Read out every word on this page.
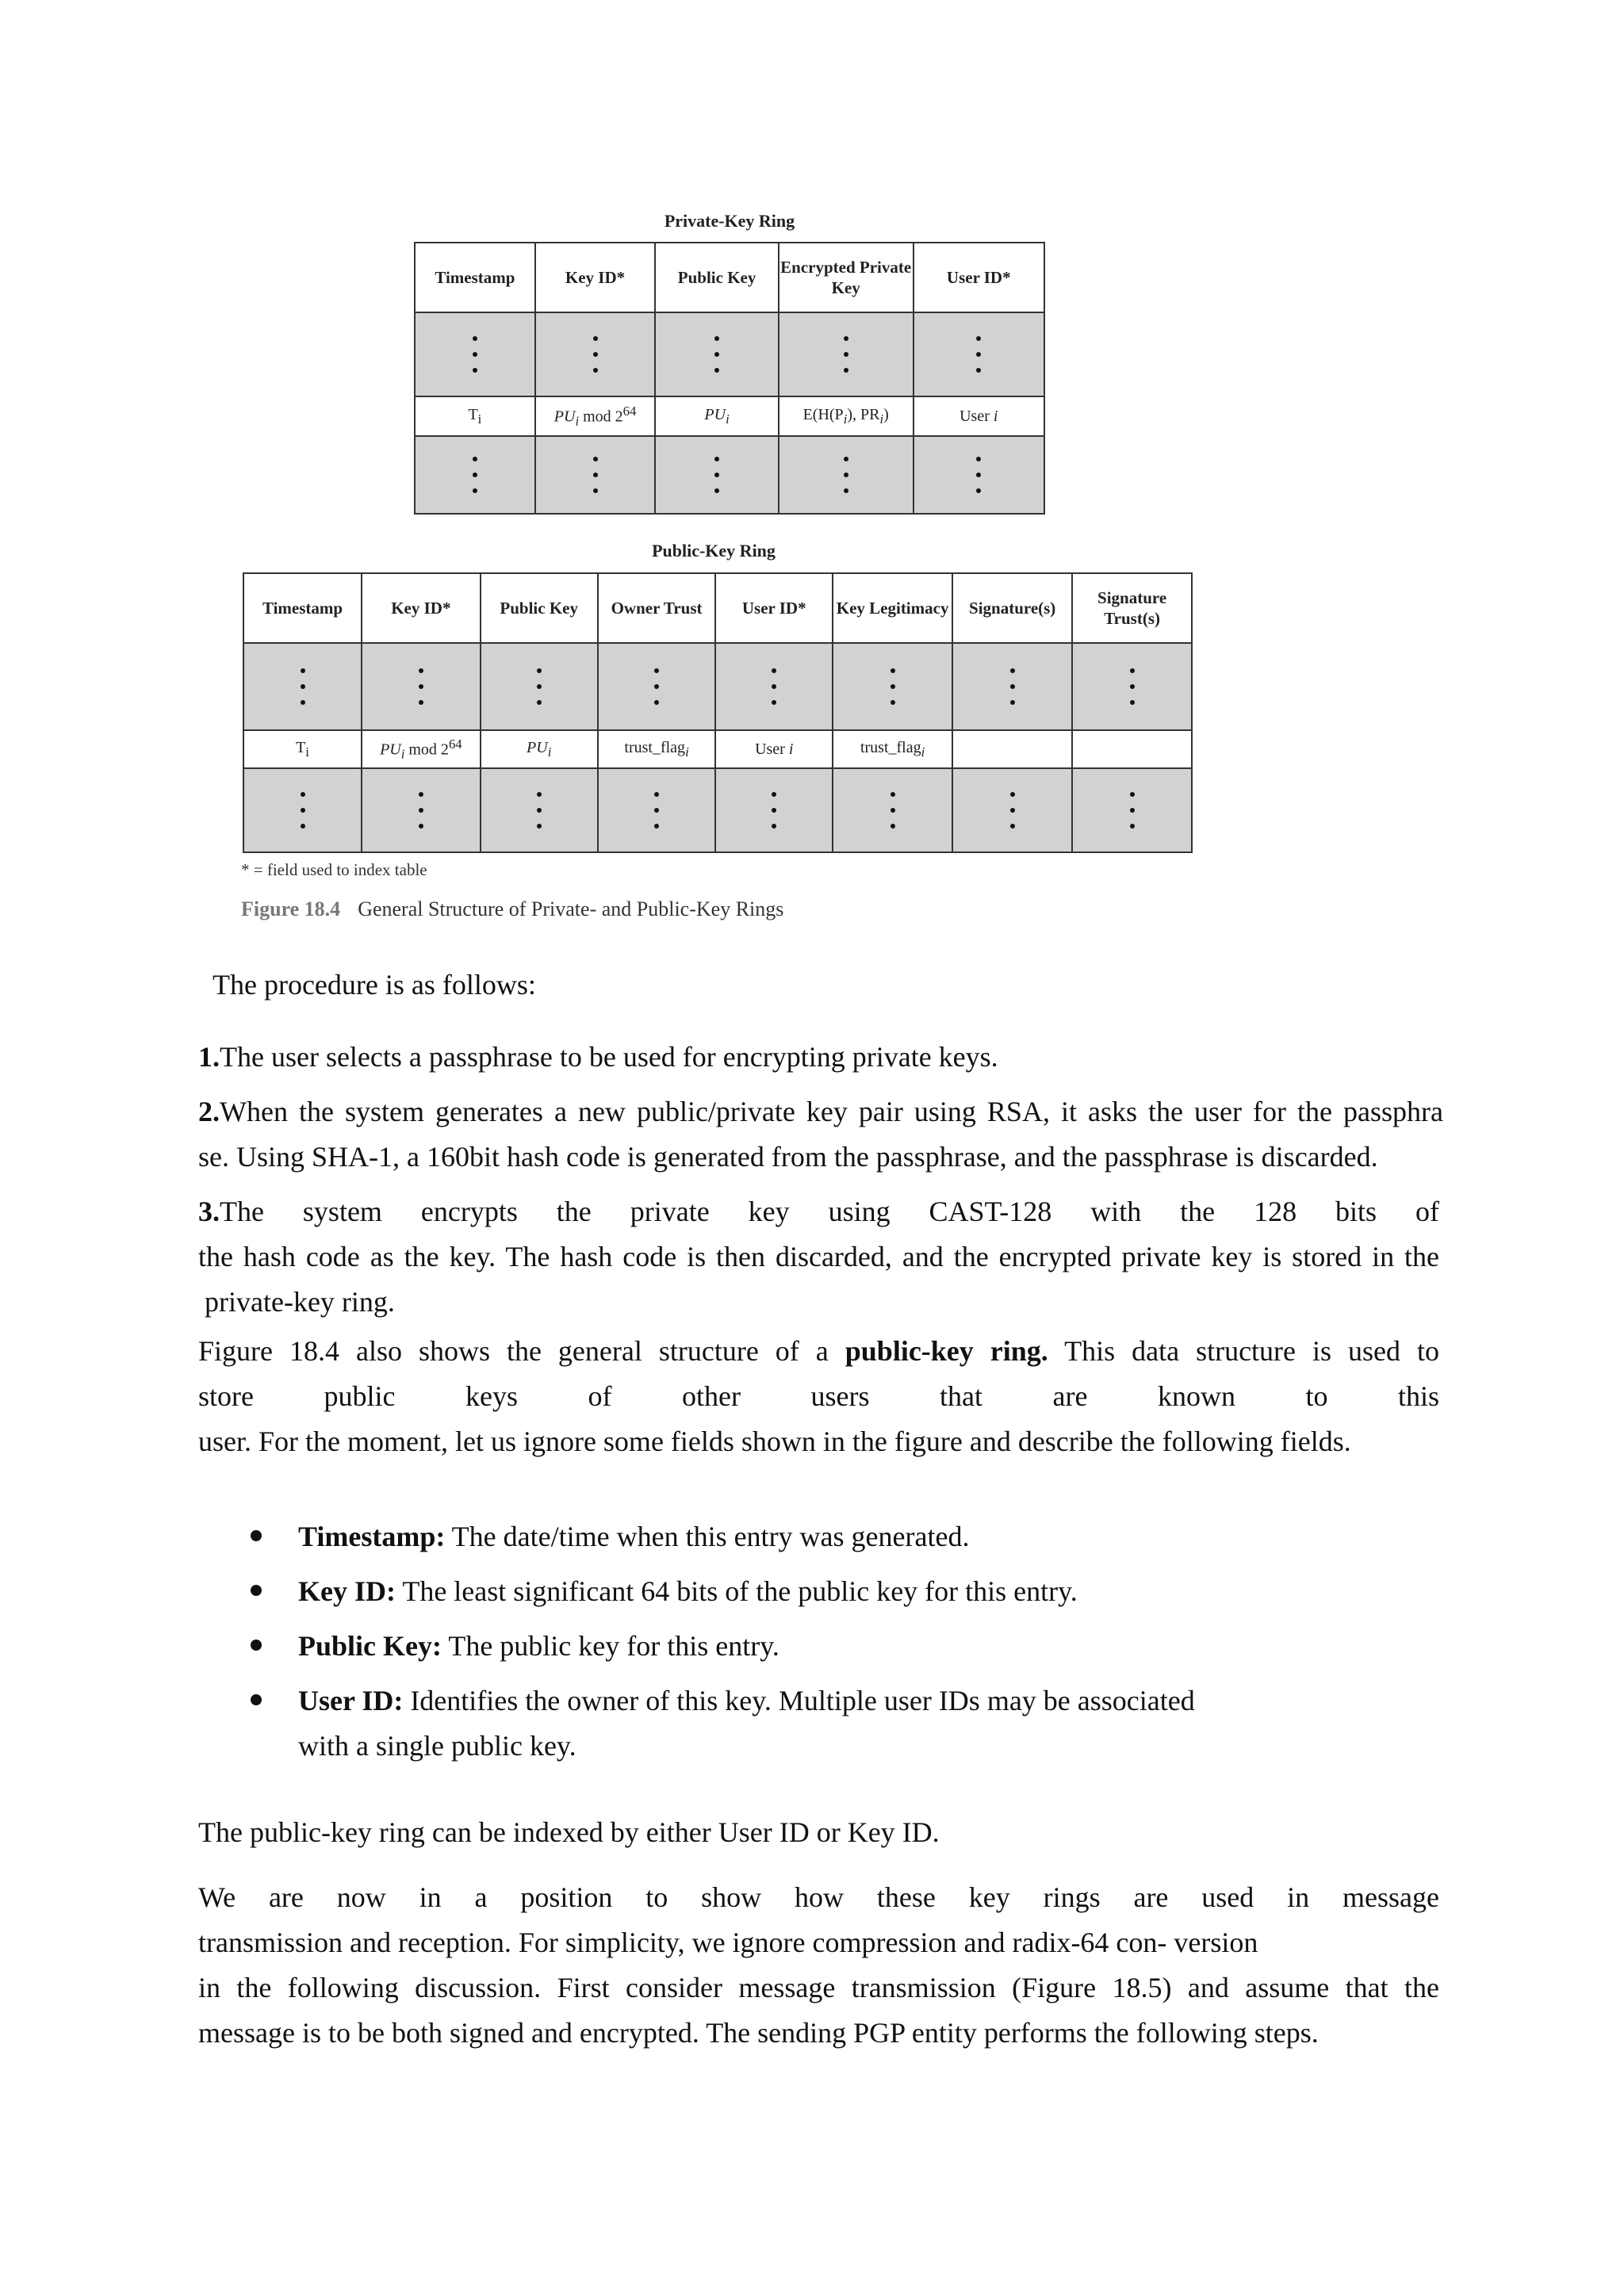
Private-Key Ring
Timestamp	Key ID*	Public Key	Encrypted Private Key	User ID*

$T_i$	$PU_i$ mod $2^{64}$	$PU_i$	$E(H(P_i)$, $PR_i$)	User i

Public-Key Ring
Timestamp	Key ID*	Public Key	Owner Trust	User ID*	Key Legitimacy	Signature(s)	Signature Trust(s)

$T_i$	$PU_i$ mod $2^{64}$	$PU_i$	trust_flag$_i$	User i	trust_flag$_i$		

* = field used to index table
Figure 18.4 General Structure of Private- and Public-Key Rings
The procedure is as follows:
1.The user selects a passphrase to be used for encrypting private keys.
2.When the system generates a new public/private key pair using RSA, it asks the user for the passphra
se. Using SHA-1, a 160bit hash code is generated from the passphrase, and the passphrase is discarded.
3.The system encrypts the private key using CAST-128 with the 128 bits of
the hash code as the key. The hash code is then discarded, and the encrypted private key is stored in the
private-key ring.
Figure 18.4 also shows the general structure of a public-key ring. This data structure is used to
store public keys of other users that are known to this
user. For the moment, let us ignore some fields shown in the figure and describe the following fields.
Timestamp: The date/time when this entry was generated.
Key ID: The least significant 64 bits of the public key for this entry.
Public Key: The public key for this entry.
User ID: Identifies the owner of this key. Multiple user IDs may be associated
with a single public key.
The public-key ring can be indexed by either User ID or Key ID.
We are now in a position to show how these key rings are used in message
transmission and reception. For simplicity, we ignore compression and radix-64 con- version
in the following discussion. First consider message transmission (Figure 18.5) and assume that the
message is to be both signed and encrypted. The sending PGP entity performs the following steps.
